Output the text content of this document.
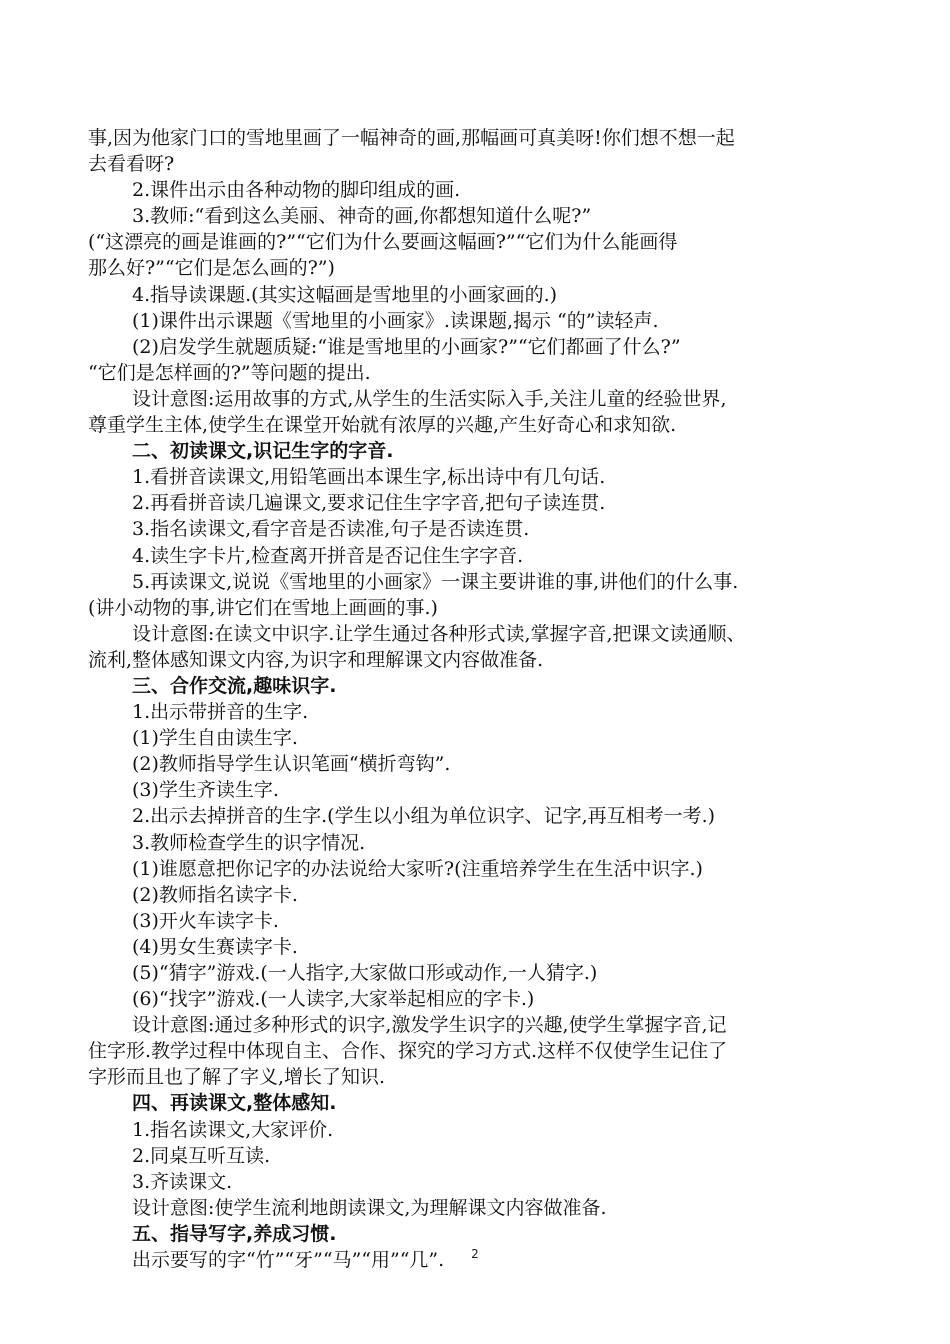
事,因为他家门口的雪地里画了一幅神奇的画,那幅画可真美呀!你们想不想一起
去看看呀?
2.课件出示由各种动物的脚印组成的画.
3.教师:“看到这么美丽、神奇的画,你都想知道什么呢?”
(“这漂亮的画是谁画的?”“它们为什么要画这幅画?”“它们为什么能画得
那么好?”“它们是怎么画的?”)
4.指导读课题.(其实这幅画是雪地里的小画家画的.)
(1)课件出示课题《雪地里的小画家》.读课题,揭示 “的”读轻声.
(2)启发学生就题质疑:“谁是雪地里的小画家?”“它们都画了什么?”
“它们是怎样画的?”等问题的提出.
设计意图:运用故事的方式,从学生的生活实际入手,关注儿童的经验世界,
尊重学生主体,使学生在课堂开始就有浓厚的兴趣,产生好奇心和求知欲.
二、初读课文,识记生字的字音.
1.看拼音读课文,用铅笔画出本课生字,标出诗中有几句话.
2.再看拼音读几遍课文,要求记住生字字音,把句子读连贯.
3.指名读课文,看字音是否读准,句子是否读连贯.
4.读生字卡片,检查离开拼音是否记住生字字音.
5.再读课文,说说《雪地里的小画家》一课主要讲谁的事,讲他们的什么事.
(讲小动物的事,讲它们在雪地上画画的事.)
设计意图:在读文中识字.让学生通过各种形式读,掌握字音,把课文读通顺、
流利,整体感知课文内容,为识字和理解课文内容做准备.
三、合作交流,趣味识字.
1.出示带拼音的生字.
(1)学生自由读生字.
(2)教师指导学生认识笔画“横折弯钩”.
(3)学生齐读生字.
2.出示去掉拼音的生字.(学生以小组为单位识字、记字,再互相考一考.)
3.教师检查学生的识字情况.
(1)谁愿意把你记字的办法说给大家听?(注重培养学生在生活中识字.)
(2)教师指名读字卡.
(3)开火车读字卡.
(4)男女生赛读字卡.
(5)“猜字”游戏.(一人指字,大家做口形或动作,一人猜字.)
(6)“找字”游戏.(一人读字,大家举起相应的字卡.)
设计意图:通过多种形式的识字,激发学生识字的兴趣,使学生掌握字音,记
住字形.教学过程中体现自主、合作、探究的学习方式.这样不仅使学生记住了
字形而且也了解了字义,增长了知识.
四、再读课文,整体感知.
1.指名读课文,大家评价.
2.同桌互听互读.
3.齐读课文.
设计意图:使学生流利地朗读课文,为理解课文内容做准备.
五、指导写字,养成习惯.
出示要写的字“竹”“牙”“马”“用”“几”.	2
